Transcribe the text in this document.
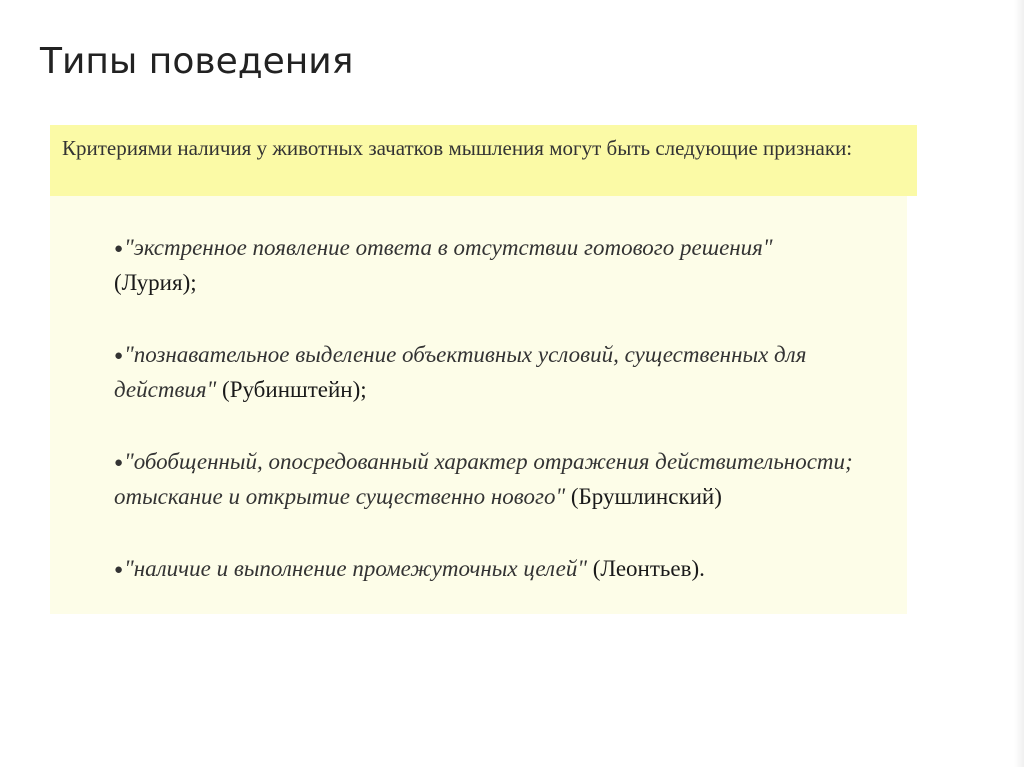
Типы поведения
Критериями наличия у животных зачатков мышления могут быть следующие признаки:
●"экстренное появление ответа в отсутствии готового решения" (Лурия);
●"познавательное выделение объективных условий, существенных для действия" (Рубинштейн);
●"обобщенный, опосредованный характер отражения действительности; отыскание и открытие существенно нового" (Брушлинский)
●"наличие и выполнение промежуточных целей" (Леонтьев).
